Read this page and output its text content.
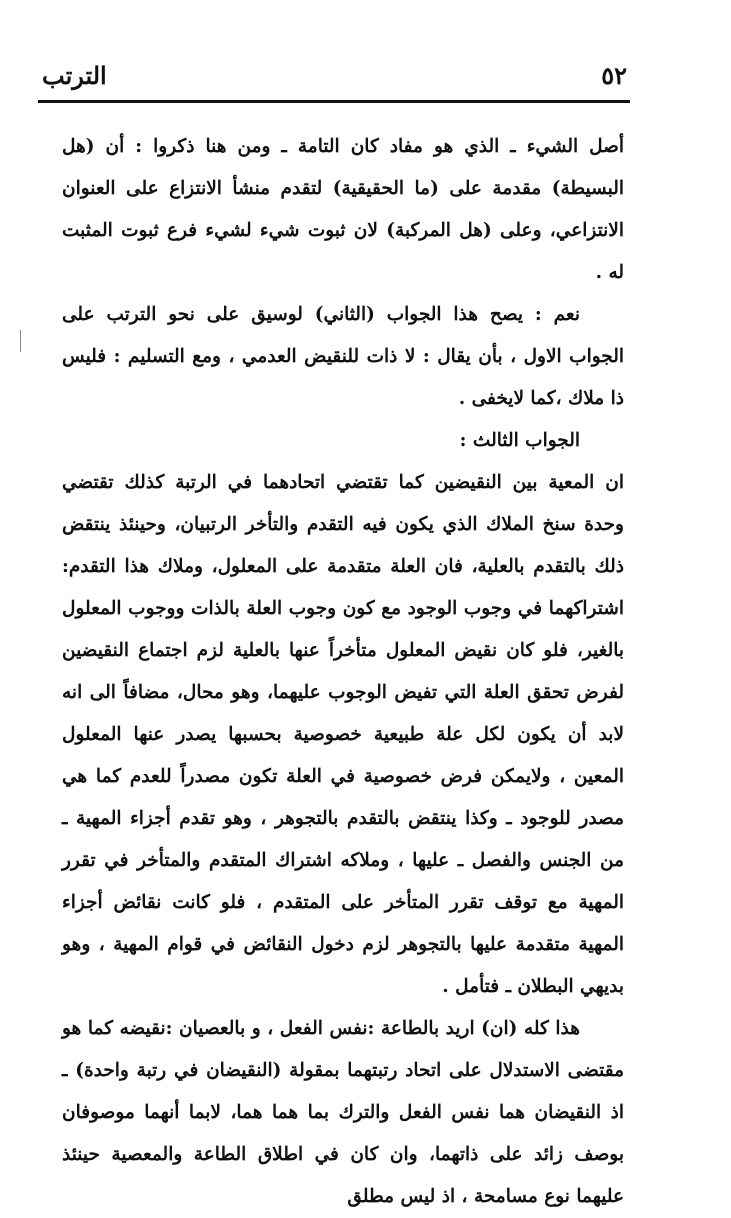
٥٢
الترتب

أصل الشيء ـ الذي هو مفاد كان التامة ـ ومن هنا ذكروا : أن (هل البسيطة) مقدمة على (ما الحقيقية) لتقدم منشأ الانتزاع على العنوان الانتزاعي، وعلى (هل المركبة) لان ثبوت شيء لشيء فرع ثبوت المثبت له .

نعم : يصح هذا الجواب (الثاني) لوسيق على نحو الترتب على الجواب الاول ، بأن يقال : لا ذات للنقيض العدمي ، ومع التسليم : فليس ذا ملاك ،كما لايخفى .

الجواب الثالث :

ان المعية بين النقيضين كما تقتضي اتحادهما في الرتبة كذلك تقتضي وحدة سنخ الملاك الذي يكون فيه التقدم والتأخر الرتبيان، وحينئذ ينتقض ذلك بالتقدم بالعلية، فان العلة متقدمة على المعلول، وملاك هذا التقدم: اشتراكهما في وجوب الوجود مع كون وجوب العلة بالذات ووجوب المعلول بالغير، فلو كان نقيض المعلول متأخراً عنها بالعلية لزم اجتماع النقيضين لفرض تحقق العلة التي تفيض الوجوب عليهما، وهو محال، مضافاً الى انه لابد أن يكون لكل علة طبيعية خصوصية بحسبها يصدر عنها المعلول المعين ، ولايمكن فرض خصوصية في العلة تكون مصدراً للعدم كما هي مصدر للوجود ـ وكذا ينتقض بالتقدم بالتجوهر ، وهو تقدم أجزاء المهية ـ من الجنس والفصل ـ عليها ، وملاكه اشتراك المتقدم والمتأخر في تقرر المهية مع توقف تقرر المتأخر على المتقدم ، فلو كانت نقائض أجزاء المهية متقدمة عليها بالتجوهر لزم دخول النقائض في قوام المهية ، وهو بديهي البطلان ـ فتأمل .

هذا كله (ان) اريد بالطاعة :نفس الفعل ، و بالعصيان :نقيضه كما هو مقتضى الاستدلال على اتحاد رتبتهما بمقولة (النقيضان في رتبة واحدة) ـ اذ النقيضان هما نفس الفعل والترك بما هما هما، لابما أنهما موصوفان بوصف زائد على ذاتهما، وان كان في اطلاق الطاعة والمعصية حينئذ عليهما نوع مسامحة ، اذ ليس مطلق
